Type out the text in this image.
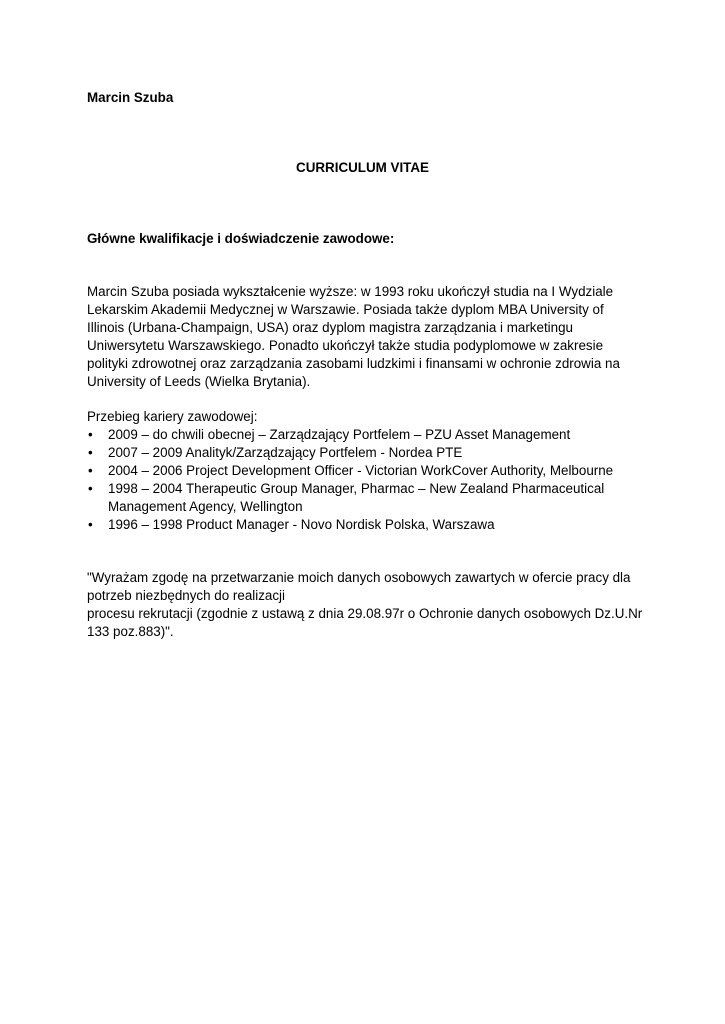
Marcin Szuba
CURRICULUM VITAE
Główne kwalifikacje i doświadczenie zawodowe:
Marcin Szuba posiada wykształcenie wyższe: w 1993 roku ukończył studia na I Wydziale
Lekarskim Akademii Medycznej w Warszawie. Posiada także dyplom MBA University of
Illinois (Urbana-Champaign, USA) oraz dyplom magistra zarządzania i marketingu
Uniwersytetu Warszawskiego. Ponadto ukończył także studia podyplomowe w zakresie
polityki zdrowotnej oraz zarządzania zasobami ludzkimi i finansami w ochronie zdrowia na
University of Leeds (Wielka Brytania).
Przebieg kariery zawodowej:
•	2009 – do chwili obecnej – Zarządzający Portfelem – PZU Asset Management
•	2007 – 2009 Analityk/Zarządzający Portfelem - Nordea PTE
•	2004 – 2006 Project Development Officer - Victorian WorkCover Authority, Melbourne
•	1998 – 2004 Therapeutic Group Manager, Pharmac – New Zealand Pharmaceutical
Management Agency, Wellington
•	1996 – 1998 Product Manager - Novo Nordisk Polska, Warszawa
"Wyrażam zgodę na przetwarzanie moich danych osobowych zawartych w ofercie pracy dla
potrzeb niezbędnych do realizacji
procesu rekrutacji (zgodnie z ustawą z dnia 29.08.97r o Ochronie danych osobowych Dz.U.Nr
133 poz.883)".
